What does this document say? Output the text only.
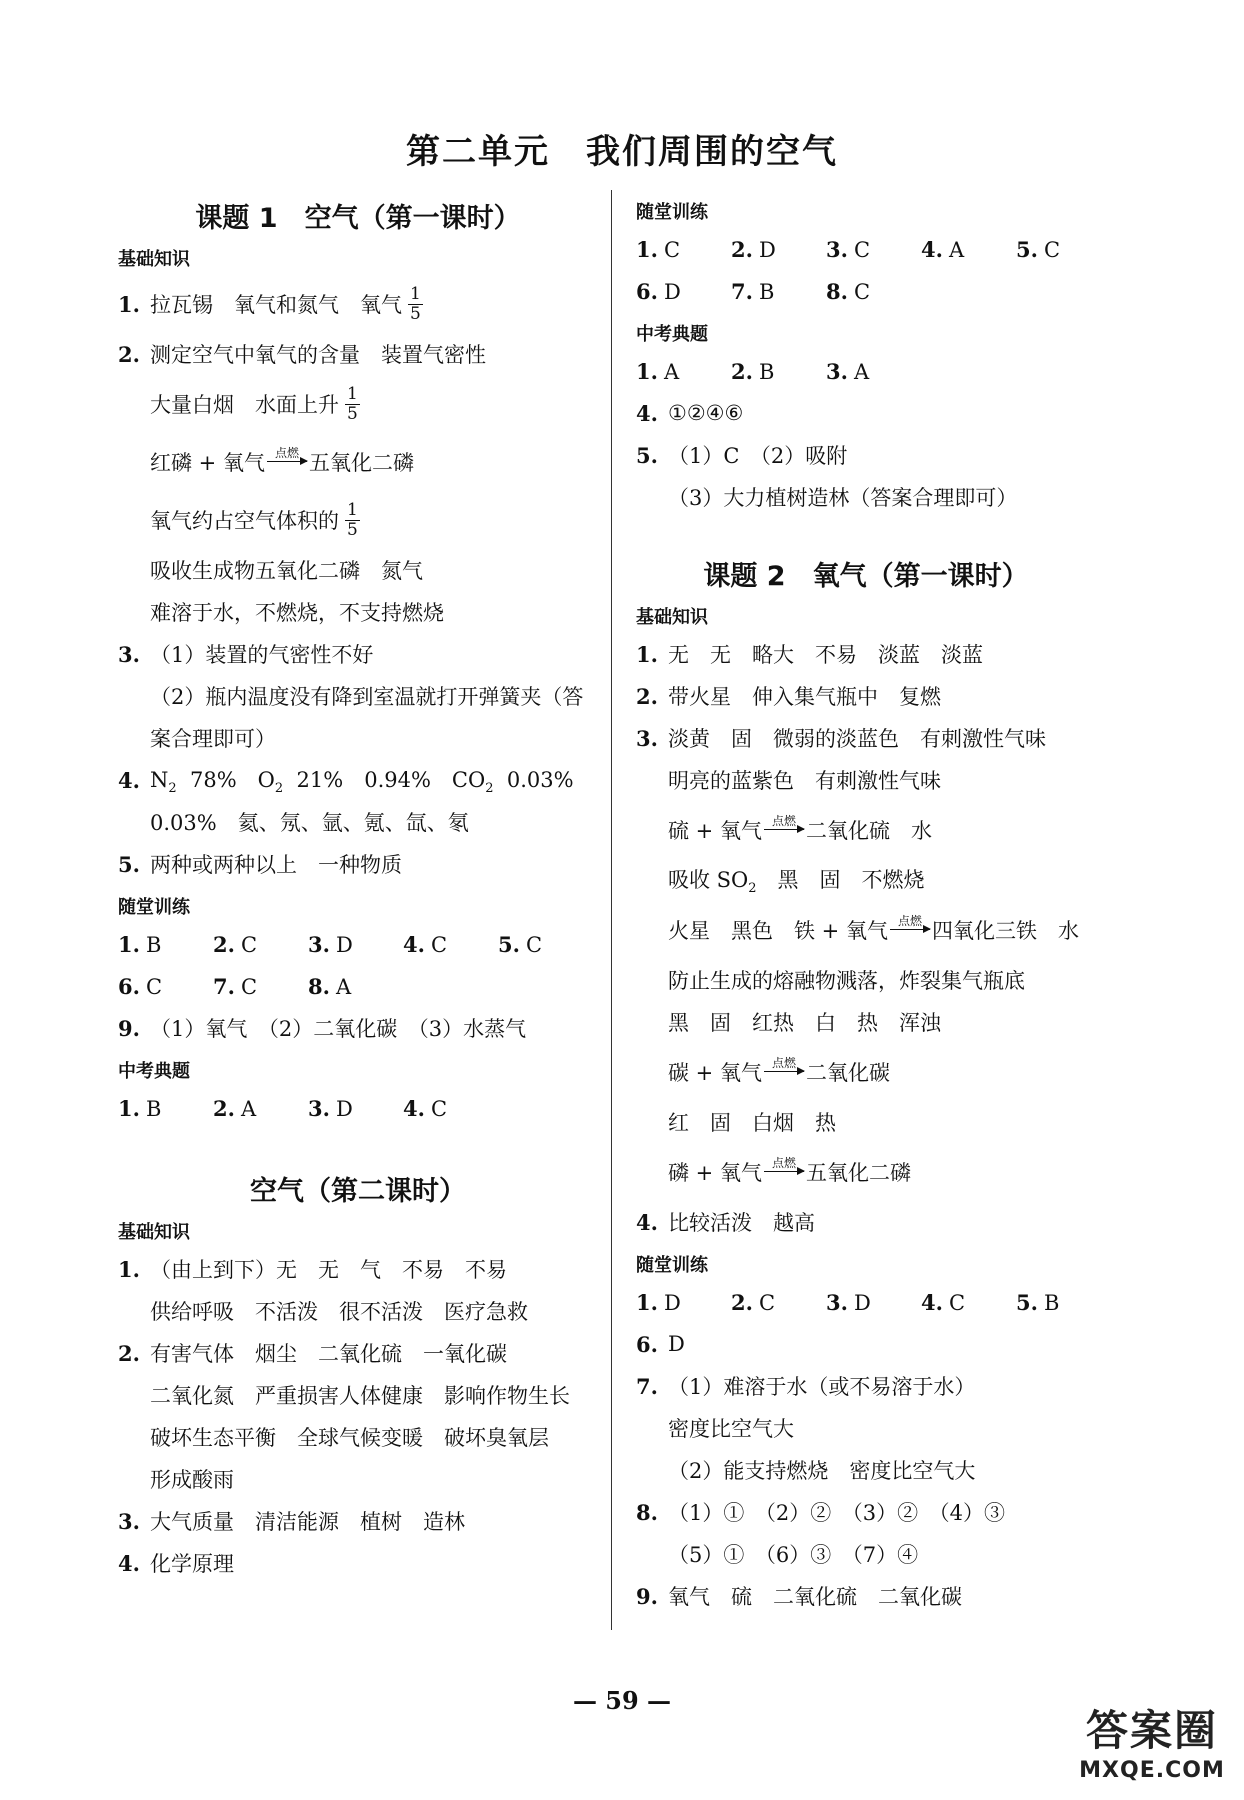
第二单元　我们周围的空气
课题 1　空气（第一课时）
基础知识
1. 拉瓦锡　氧气和氮气　氧气 $\frac{1}{5}$
2. 测定空气中氧气的含量　装置气密性
大量白烟　水面上升 $\frac{1}{5}$
红磷 + 氧气 点燃 五氧化二磷
氧气约占空气体积的 $\frac{1}{5}$
吸收生成物五氧化二磷　氮气
难溶于水，不燃烧，不支持燃烧
3. （1）装置的气密性不好
（2）瓶内温度没有降到室温就打开弹簧夹（答
案合理即可）
4. $N_2$  78%　$O_2$  21%　0.94%　$CO_2$  0.03%
0.03%　氦、氖、氩、氪、氙、氡
5. 两种或两种以上　一种物质
随堂训练
1. B	2. C	3. D	4. C	5. C
6. C	7. C	8. A
9. （1）氧气　（2）二氧化碳　（3）水蒸气
中考典题
1. B	2. A	3. D	4. C
空气（第二课时）
基础知识
1. （由上到下）无　无　气　不易　不易
供给呼吸　不活泼　很不活泼　医疗急救
2. 有害气体　烟尘　二氧化硫　一氧化碳
二氧化氮　严重损害人体健康　影响作物生长
破坏生态平衡　全球气候变暖　破坏臭氧层
形成酸雨
3. 大气质量　清洁能源　植树　造林
4. 化学原理
随堂训练
1. C	2. D	3. C	4. A	5. C
6. D	7. B	8. C
中考典题
1. A	2. B	3. A
4. ①②④⑥
5. （1）C　（2）吸附
（3）大力植树造林（答案合理即可）
课题 2　氧气（第一课时）
基础知识
1. 无　无　略大　不易　淡蓝　淡蓝
2. 带火星　伸入集气瓶中　复燃
3. 淡黄　固　微弱的淡蓝色　有刺激性气味
明亮的蓝紫色　有刺激性气味
硫 + 氧气 点燃 二氧化硫　水
吸收 $SO_2$　黑　固　不燃烧
火星　黑色　铁 + 氧气 点燃 四氧化三铁　水
防止生成的熔融物溅落，炸裂集气瓶底
黑　固　红热　白　热　浑浊
碳 + 氧气 点燃 二氧化碳
红　固　白烟　热
磷 + 氧气 点燃 五氧化二磷
4. 比较活泼　越高
随堂训练
1. D	2. C	3. D	4. C	5. B
6. D
7. （1）难溶于水（或不易溶于水）
密度比空气大
（2）能支持燃烧　密度比空气大
8. （1）①　（2）②　（3）②　（4）③
（5）①　（6）③　（7）④
9. 氧气　硫　二氧化硫　二氧化碳
— 59 —
答案圈
MXQE.COM
